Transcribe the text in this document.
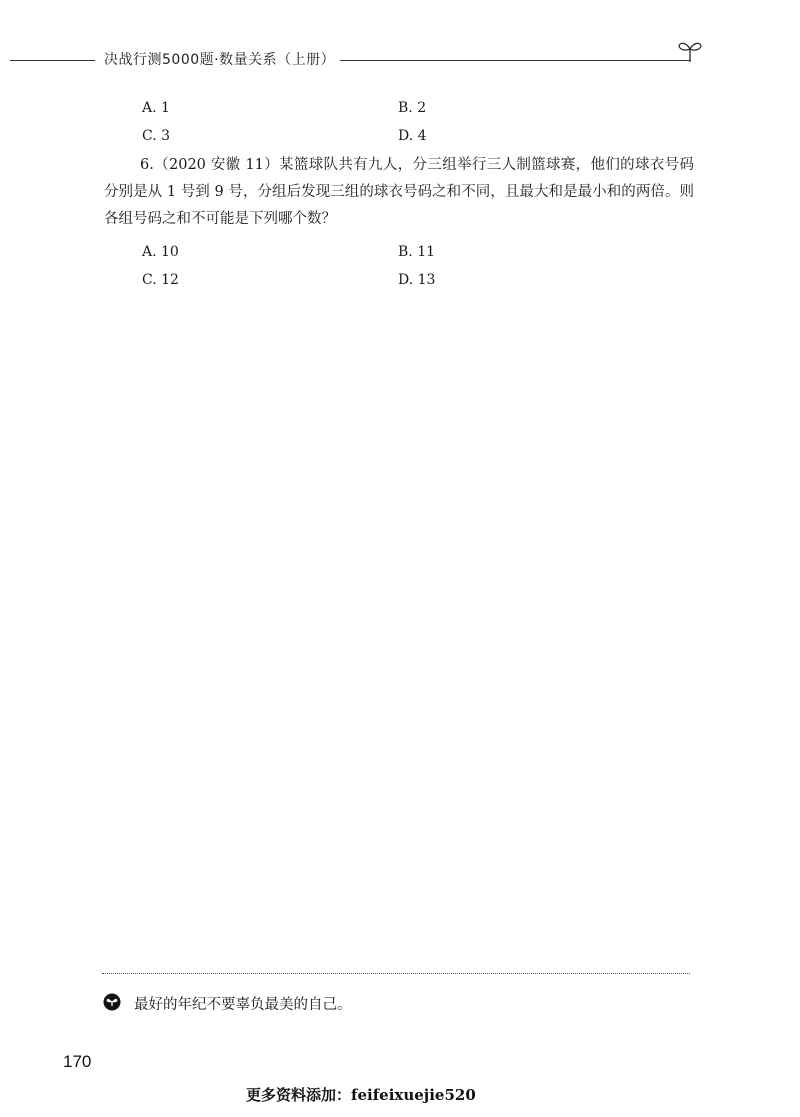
决战行测5000题·数量关系（上册）
A. 1	B. 2
C. 3	D. 4
6.（2020 安徽 11）某篮球队共有九人，分三组举行三人制篮球赛，他们的球衣号码分别是从 1 号到 9 号，分组后发现三组的球衣号码之和不同，且最大和是最小和的两倍。则各组号码之和不可能是下列哪个数？
A. 10	B. 11
C. 12	D. 13
最好的年纪不要辜负最美的自己。
170
更多资料添加：feifeixuejie520
